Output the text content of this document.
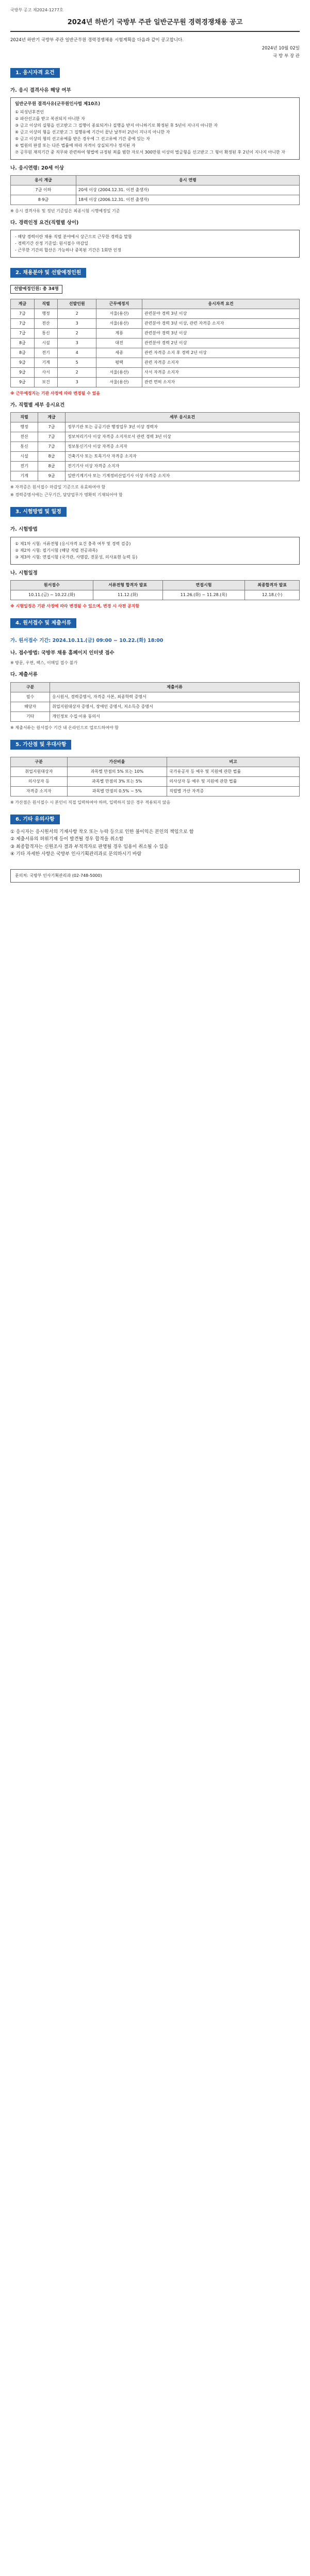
국방부 공고 제2024-1277호
2024년 하반기 국방부 주관 일반군무원 경력경쟁채용 공고

2024년 하반기 국방부 주관 일반군무원 경력경쟁채용 시험계획을 다음과 같이 공고합니다.

2024년 10월 02일
국 방 부 장 관
1. 응시자격 요건
가. 응시 결격사유 해당 여부
일반군무원 결격사유(군무원인사법 제10조)
① 피성년후견인
② 파산선고를 받고 복권되지 아니한 자
③ 금고 이상의 실형을 선고받고 그 집행이 종료되거나 집행을 받지 아니하기로 확정된 후 5년이 지나지 아니한 자
④ 금고 이상의 형을 선고받고 그 집행유예 기간이 끝난 날부터 2년이 지나지 아니한 자
⑤ 금고 이상의 형의 선고유예를 받은 경우에 그 선고유예 기간 중에 있는 자
⑥ 법원의 판결 또는 다른 법률에 따라 자격이 상실되거나 정지된 자
⑦ 공무원 재직기간 중 직무와 관련하여 형법에 규정된 죄를 범한 자로서 300만원 이상의 벌금형을 선고받고 그 형이 확정된 후 2년이 지나지 아니한 자
나. 응시연령: 20세 이상
응시 계급	응시 연령
7급 이하	20세 이상 (2004.12.31. 이전 출생자)
8·9급	18세 이상 (2006.12.31. 이전 출생자)
※ 응시 결격사유 및 정년 기준일은 최종시험 시행예정일 기준
다. 경력인정 요건(직렬별 상이)
- 해당 경력이란 채용 직렬 분야에서 상근으로 근무한 경력을 말함
- 경력기간 산정 기준일: 원서접수 마감일
- 근무한 기간의 합산은 가능하나 중복된 기간은 1회만 인정
2. 채용분야 및 선발예정인원
선발예정인원: 총 34명
계급	직렬	선발인원	근무예정지	응시자격 요건
7급	행정	2	서울(용산)	관련분야 경력 3년 이상
7급	전산	3	서울(용산)	관련분야 경력 3년 이상, 관련 자격증 소지자
7급	통신	2	계룡	관련분야 경력 3년 이상
8급	시설	3	대전	관련분야 경력 2년 이상
8급	전기	4	세종	관련 자격증 소지 후 경력 2년 이상
9급	기계	5	평택	관련 자격증 소지자
9급	사서	2	서울(용산)	사서 자격증 소지자
9급	보건	3	서울(용산)	관련 면허 소지자
※ 근무예정지는 기관 사정에 따라 변경될 수 있음
가. 직렬별 세부 응시요건
직렬	계급	세부 응시요건
행정	7급	정부기관 또는 공공기관 행정업무 3년 이상 경력자
전산	7급	정보처리기사 이상 자격증 소지자로서 관련 경력 3년 이상
통신	7급	정보통신기사 이상 자격증 소지자
시설	8급	건축기사 또는 토목기사 자격증 소지자
전기	8급	전기기사 이상 자격증 소지자
기계	9급	일반기계기사 또는 기계정비산업기사 이상 자격증 소지자
※ 자격증은 원서접수 마감일 기준으로 유효하여야 함
※ 경력증명서에는 근무기간, 담당업무가 명확히 기재되어야 함
3. 시험방법 및 일정
가. 시험방법
① 제1차 시험: 서류전형 (응시자격 요건 충족 여부 및 경력 검증)
② 제2차 시험: 필기시험 (해당 직렬 전공과목)
③ 제3차 시험: 면접시험 (국가관, 사명감, 전문성, 의사표현 능력 등)
나. 시험일정
원서접수	서류전형 합격자 발표	면접시험	최종합격자 발표
10.11.(금) ~ 10.22.(화)	11.12.(화)	11.26.(화) ~ 11.28.(목)	12.18.(수)
※ 시험일정은 기관 사정에 따라 변경될 수 있으며, 변경 시 사전 공지함
4. 원서접수 및 제출서류
가. 원서접수 기간: 2024.10.11.(금) 09:00 ~ 10.22.(화) 18:00
나. 접수방법: 국방부 채용 홈페이지 인터넷 접수
※ 방문, 우편, 팩스, 이메일 접수 불가
다. 제출서류
구분	제출서류
필수	응시원서, 경력증명서, 자격증 사본, 최종학력 증명서
해당자	취업지원대상자 증명서, 장애인 증명서, 저소득층 증명서
기타	개인정보 수집·이용 동의서
※ 제출서류는 원서접수 기간 내 온라인으로 업로드하여야 함
5. 가산점 및 우대사항
구분	가산비율	비고
취업지원대상자	과목별 만점의 5% 또는 10%	국가유공자 등 예우 및 지원에 관한 법률
의사상자 등	과목별 만점의 3% 또는 5%	의사상자 등 예우 및 지원에 관한 법률
자격증 소지자	과목별 만점의 0.5% ~ 5%	직렬별 가산 자격증
※ 가산점은 원서접수 시 본인이 직접 입력하여야 하며, 입력하지 않은 경우 적용되지 않음
6. 기타 유의사항
① 응시자는 응시원서의 기재사항 착오 또는 누락 등으로 인한 불이익은 본인의 책임으로 함
② 제출서류의 허위기재 등이 발견될 경우 합격을 취소함
③ 최종합격자는 신원조사 결과 부적격자로 판명될 경우 임용이 취소될 수 있음
④ 기타 자세한 사항은 국방부 인사기획관리과로 문의하시기 바람
문의처: 국방부 인사기획관리과 (02-748-5000)
